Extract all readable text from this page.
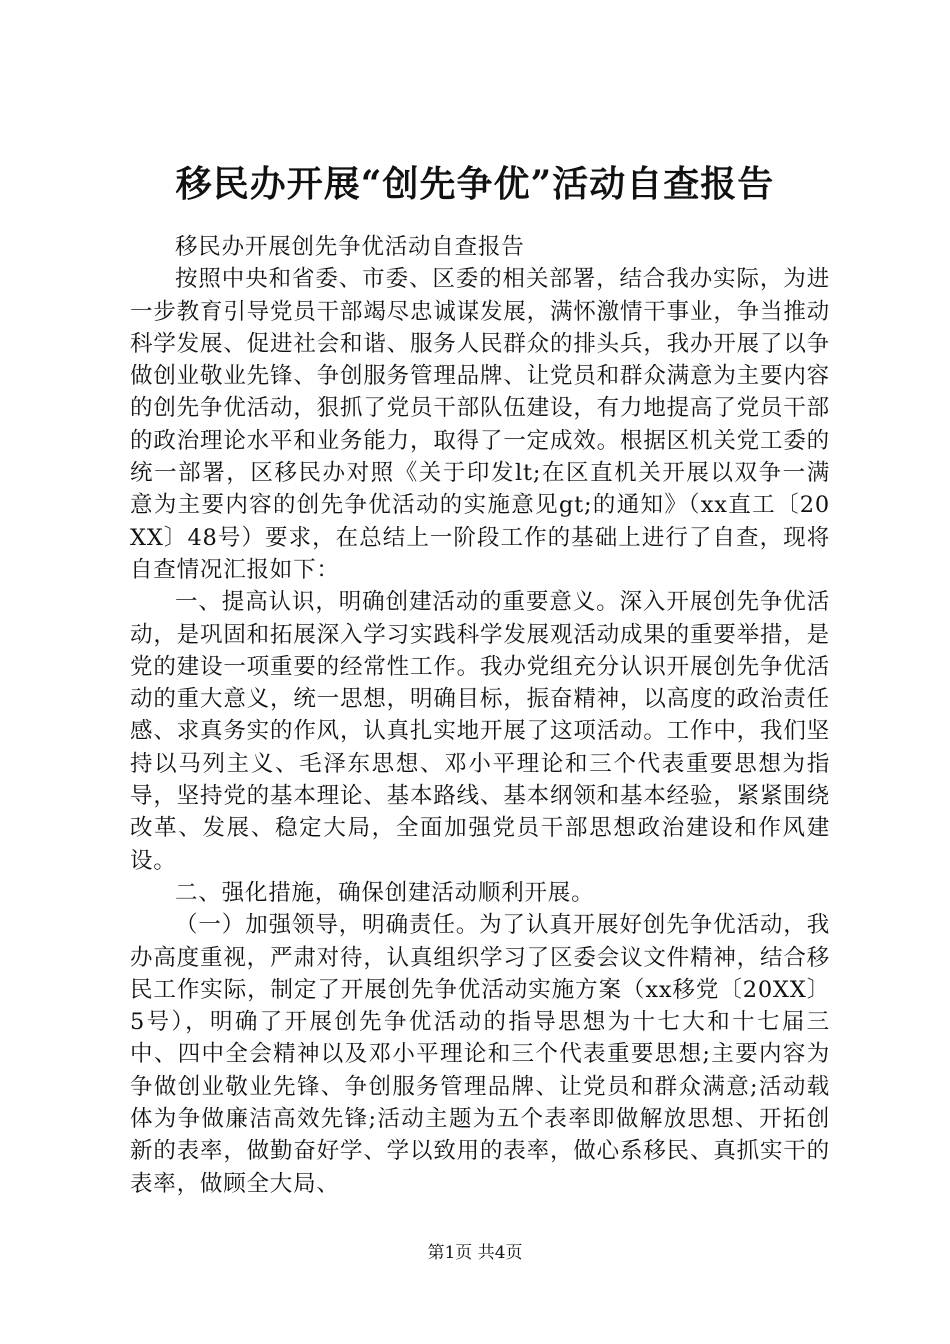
移民办开展“创先争优”活动自查报告

移民办开展创先争优活动自查报告

按照中央和省委、市委、区委的相关部署，结合我办实际，为进一步教育引导党员干部竭尽忠诚谋发展，满怀激情干事业，争当推动科学发展、促进社会和谐、服务人民群众的排头兵，我办开展了以争做创业敬业先锋、争创服务管理品牌、让党员和群众满意为主要内容的创先争优活动，狠抓了党员干部队伍建设，有力地提高了党员干部的政治理论水平和业务能力，取得了一定成效。根据区机关党工委的统一部署，区移民办对照《关于印发lt;在区直机关开展以双争一满意为主要内容的创先争优活动的实施意见gt;的通知》（xx直工〔20XX〕48号）要求，在总结上一阶段工作的基础上进行了自查，现将自查情况汇报如下：

一、提高认识，明确创建活动的重要意义。深入开展创先争优活动，是巩固和拓展深入学习实践科学发展观活动成果的重要举措，是党的建设一项重要的经常性工作。我办党组充分认识开展创先争优活动的重大意义，统一思想，明确目标，振奋精神，以高度的政治责任感、求真务实的作风，认真扎实地开展了这项活动。工作中，我们坚持以马列主义、毛泽东思想、邓小平理论和三个代表重要思想为指导，坚持党的基本理论、基本路线、基本纲领和基本经验，紧紧围绕改革、发展、稳定大局，全面加强党员干部思想政治建设和作风建设。

二、强化措施，确保创建活动顺利开展。

（一）加强领导，明确责任。为了认真开展好创先争优活动，我办高度重视，严肃对待，认真组织学习了区委会议文件精神，结合移民工作实际，制定了开展创先争优活动实施方案（xx移党〔20XX〕5号），明确了开展创先争优活动的指导思想为十七大和十七届三中、四中全会精神以及邓小平理论和三个代表重要思想;主要内容为争做创业敬业先锋、争创服务管理品牌、让党员和群众满意;活动载体为争做廉洁高效先锋;活动主题为五个表率即做解放思想、开拓创新的表率，做勤奋好学、学以致用的表率，做心系移民、真抓实干的表率，做顾全大局、

第1页 共4页
